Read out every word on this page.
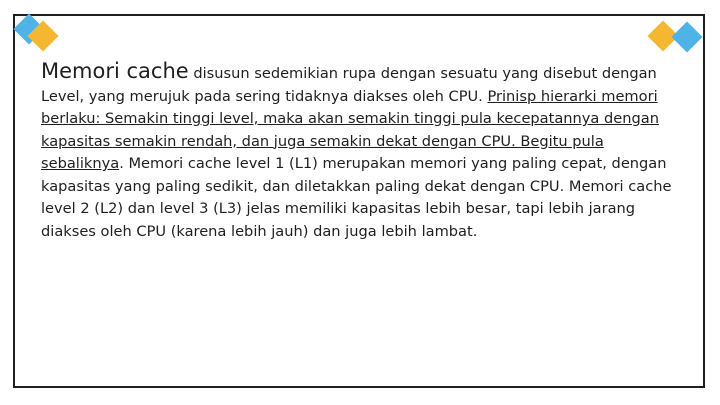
Memori cache disusun sedemikian rupa dengan sesuatu yang disebut dengan Level, yang merujuk pada sering tidaknya diakses oleh CPU. Prinisp hierarki memori berlaku: Semakin tinggi level, maka akan semakin tinggi pula kecepatannya dengan kapasitas semakin rendah, dan juga semakin dekat dengan CPU. Begitu pula sebaliknya. Memori cache level 1 (L1) merupakan memori yang paling cepat, dengan kapasitas yang paling sedikit, dan diletakkan paling dekat dengan CPU. Memori cache level 2 (L2) dan level 3 (L3) jelas memiliki kapasitas lebih besar, tapi lebih jarang diakses oleh CPU (karena lebih jauh) dan juga lebih lambat.
